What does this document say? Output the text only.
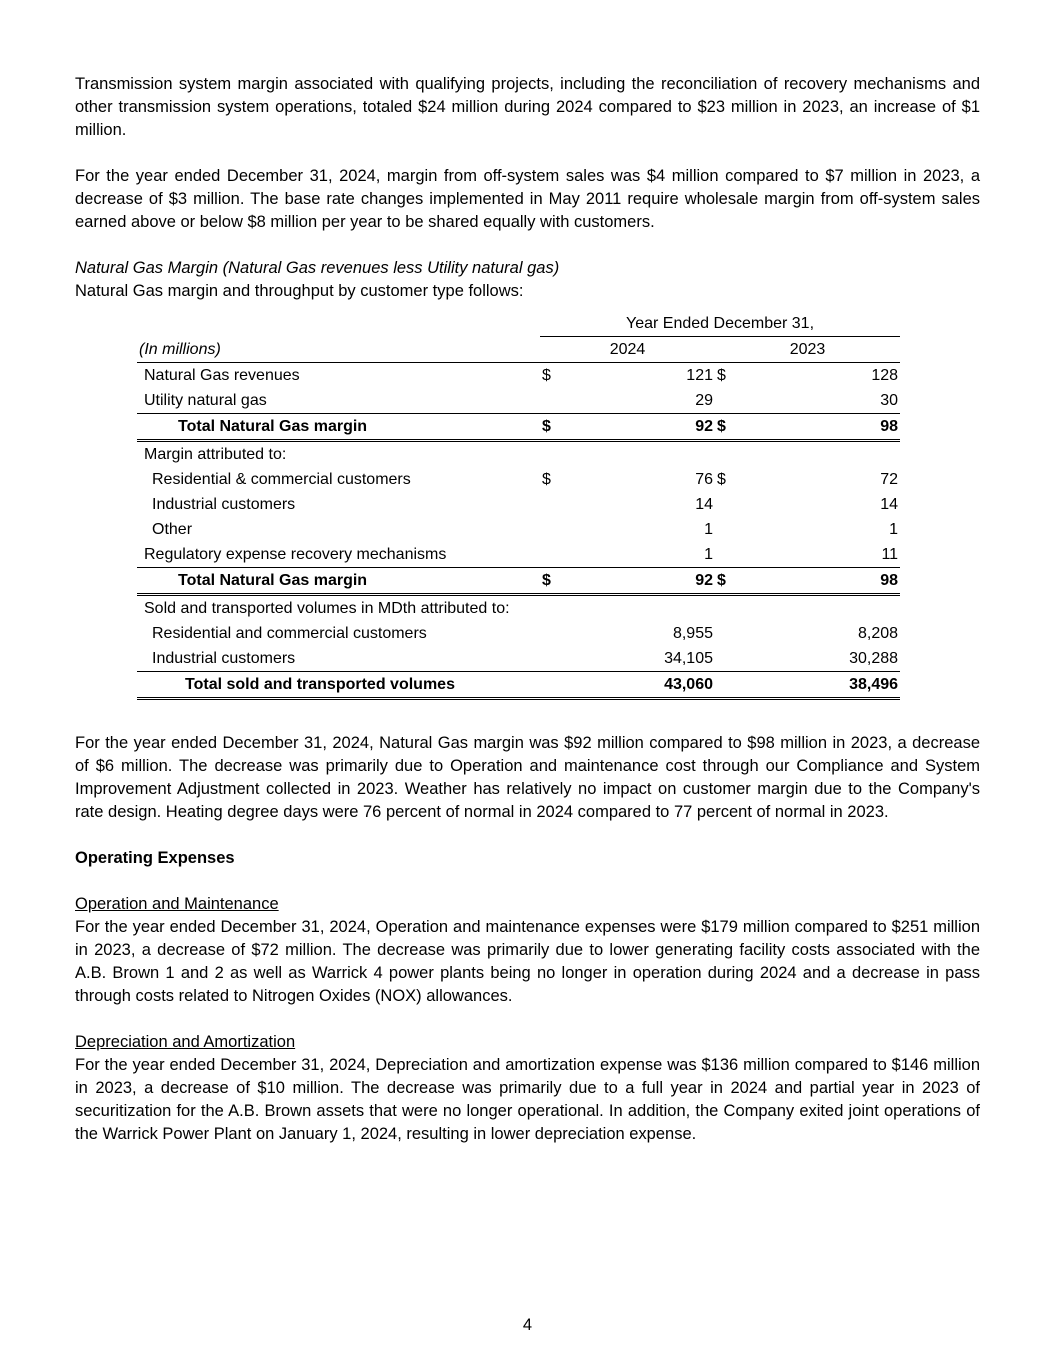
Transmission system margin associated with qualifying projects, including the reconciliation of recovery mechanisms and other transmission system operations, totaled $24 million during 2024 compared to $23 million in 2023, an increase of $1 million.

For the year ended December 31, 2024, margin from off-system sales was $4 million compared to $7 million in 2023, a decrease of $3 million. The base rate changes implemented in May 2011 require wholesale margin from off-system sales earned above or below $8 million per year to be shared equally with customers.

Natural Gas Margin (Natural Gas revenues less Utility natural gas)

Natural Gas margin and throughput by customer type follows:

	Year Ended December 31,			
(In millions)	2024		2023	
Natural Gas revenues	$	121	$	128
Utility natural gas		29		30
Total Natural Gas margin	$	92	$	98
Margin attributed to:				
Residential & commercial customers	$	76	$	72
Industrial customers		14		14
Other		1		1
Regulatory expense recovery mechanisms		1		11
Total Natural Gas margin	$	92	$	98
Sold and transported volumes in MDth attributed to:				
Residential and commercial customers		8,955		8,208
Industrial customers		34,105		30,288
Total sold and transported volumes		43,060		38,496

For the year ended December 31, 2024, Natural Gas margin was $92 million compared to $98 million in 2023, a decrease of $6 million. The decrease was primarily due to Operation and maintenance cost through our Compliance and System Improvement Adjustment collected in 2023. Weather has relatively no impact on customer margin due to the Company's rate design. Heating degree days were 76 percent of normal in 2024 compared to 77 percent of normal in 2023.

Operating Expenses

Operation and Maintenance

For the year ended December 31, 2024, Operation and maintenance expenses were $179 million compared to $251 million in 2023, a decrease of $72 million. The decrease was primarily due to lower generating facility costs associated with the A.B. Brown 1 and 2 as well as Warrick 4 power plants being no longer in operation during 2024 and a decrease in pass through costs related to Nitrogen Oxides (NOX) allowances.

Depreciation and Amortization

For the year ended December 31, 2024, Depreciation and amortization expense was $136 million compared to $146 million in 2023, a decrease of $10 million. The decrease was primarily due to a full year in 2024 and partial year in 2023 of securitization for the A.B. Brown assets that were no longer operational. In addition, the Company exited joint operations of the Warrick Power Plant on January 1, 2024, resulting in lower depreciation expense.

4
